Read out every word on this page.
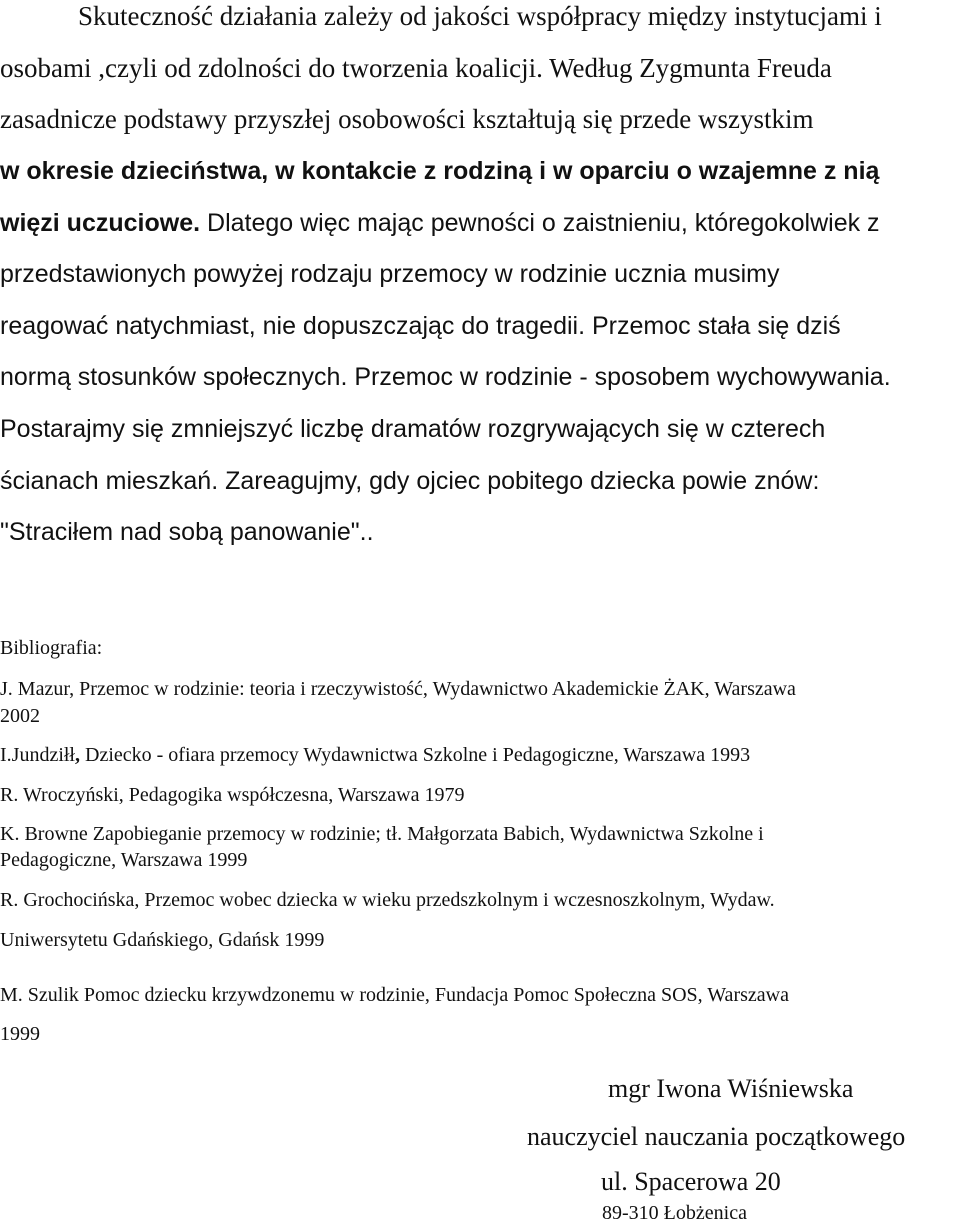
Skuteczność działania zależy od jakości współpracy między instytucjami i
osobami ,czyli od zdolności do tworzenia koalicji. Według Zygmunta Freuda
zasadnicze podstawy przyszłej osobowości kształtują się przede wszystkim
w okresie dzieciństwa, w kontakcie z rodziną i w oparciu o wzajemne z nią
więzi uczuciowe. Dlatego więc mając pewności o zaistnieniu, któregokolwiek z
przedstawionych powyżej rodzaju przemocy w rodzinie ucznia musimy
reagować natychmiast, nie dopuszczając do tragedii. Przemoc stała się dziś
normą stosunków społecznych. Przemoc w rodzinie - sposobem wychowywania.
Postarajmy się zmniejszyć liczbę dramatów rozgrywających się w czterech
ścianach mieszkań. Zareagujmy, gdy ojciec pobitego dziecka powie znów:
"Straciłem nad sobą panowanie"..
Bibliografia:
J. Mazur, Przemoc w rodzinie: teoria i rzeczywistość, Wydawnictwo Akademickie ŻAK, Warszawa
2002
I.Jundziłł, Dziecko - ofiara przemocy Wydawnictwa Szkolne i Pedagogiczne, Warszawa 1993
R. Wroczyński, Pedagogika współczesna, Warszawa 1979
K. Browne Zapobieganie przemocy w rodzinie; tł. Małgorzata Babich, Wydawnictwa Szkolne i
Pedagogiczne, Warszawa 1999
R. Grochocińska, Przemoc wobec dziecka w wieku przedszkolnym i wczesnoszkolnym, Wydaw.
Uniwersytetu Gdańskiego, Gdańsk 1999
M. Szulik Pomoc dziecku krzywdzonemu w rodzinie, Fundacja Pomoc Społeczna SOS, Warszawa
1999
mgr Iwona Wiśniewska
nauczyciel nauczania początkowego
ul. Spacerowa 20
89-310 Łobżenica
